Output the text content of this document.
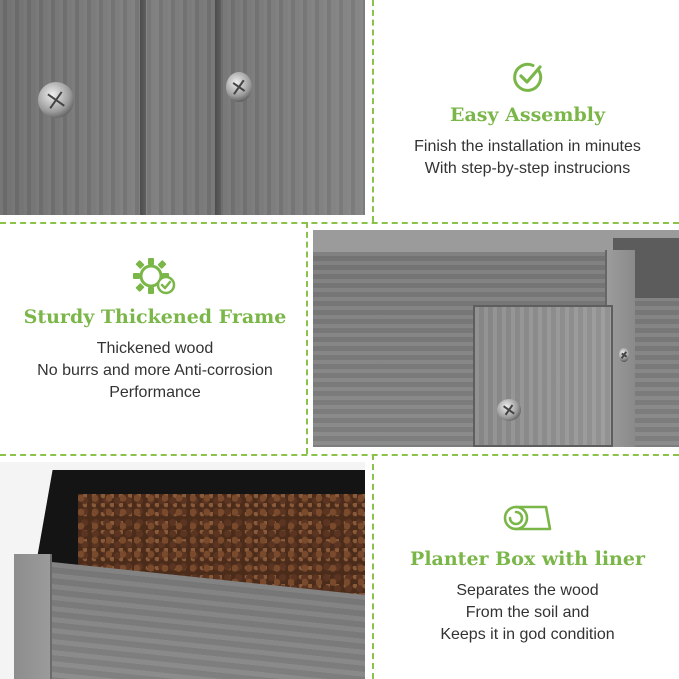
Easy Assembly
Finish the installation in minutes
With step-by-step instrucions
Sturdy Thickened Frame
Thickened wood
No burrs and more Anti-corrosion
Performance
Planter Box with liner
Separates the wood
From the soil and
Keeps it in god condition
